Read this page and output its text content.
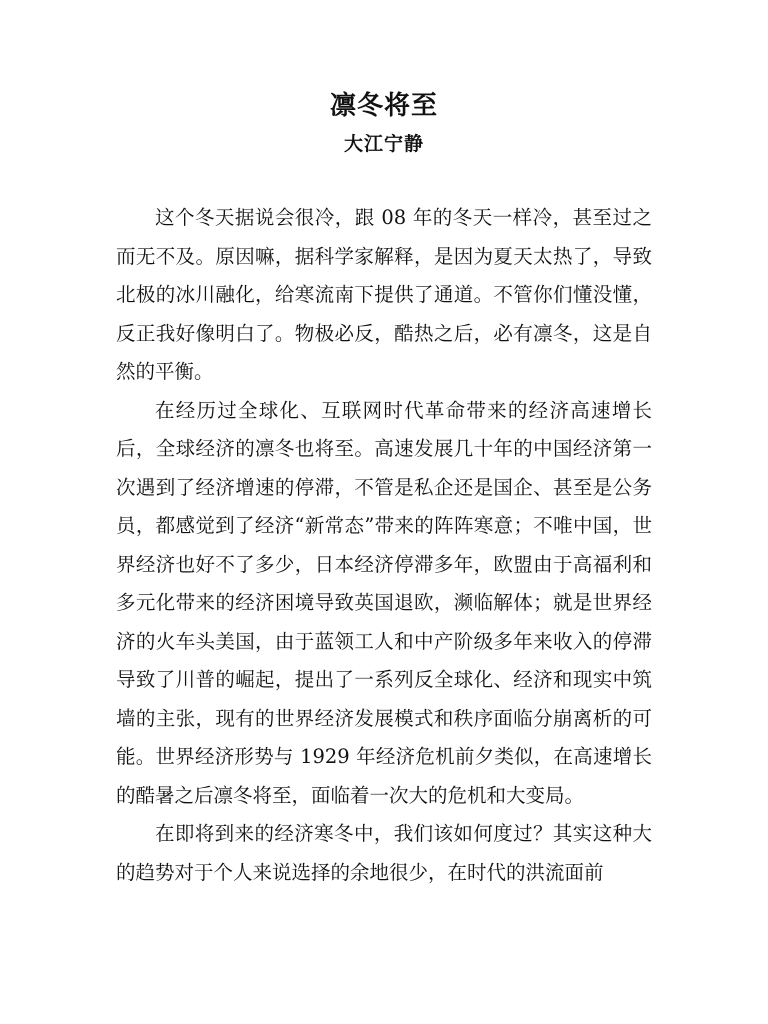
凛冬将至
大江宁静

这个冬天据说会很冷，跟 08 年的冬天一样冷，甚至过之而无不及。原因嘛，据科学家解释，是因为夏天太热了，导致北极的冰川融化，给寒流南下提供了通道。不管你们懂没懂，反正我好像明白了。物极必反，酷热之后，必有凛冬，这是自然的平衡。

在经历过全球化、互联网时代革命带来的经济高速增长后，全球经济的凛冬也将至。高速发展几十年的中国经济第一次遇到了经济增速的停滞，不管是私企还是国企、甚至是公务员，都感觉到了经济“新常态”带来的阵阵寒意；不唯中国，世界经济也好不了多少，日本经济停滞多年，欧盟由于高福利和多元化带来的经济困境导致英国退欧，濒临解体；就是世界经济的火车头美国，由于蓝领工人和中产阶级多年来收入的停滞导致了川普的崛起，提出了一系列反全球化、经济和现实中筑墙的主张，现有的世界经济发展模式和秩序面临分崩离析的可能。世界经济形势与 1929 年经济危机前夕类似，在高速增长的酷暑之后凛冬将至，面临着一次大的危机和大变局。

在即将到来的经济寒冬中，我们该如何度过？其实这种大的趋势对于个人来说选择的余地很少，在时代的洪流面前
